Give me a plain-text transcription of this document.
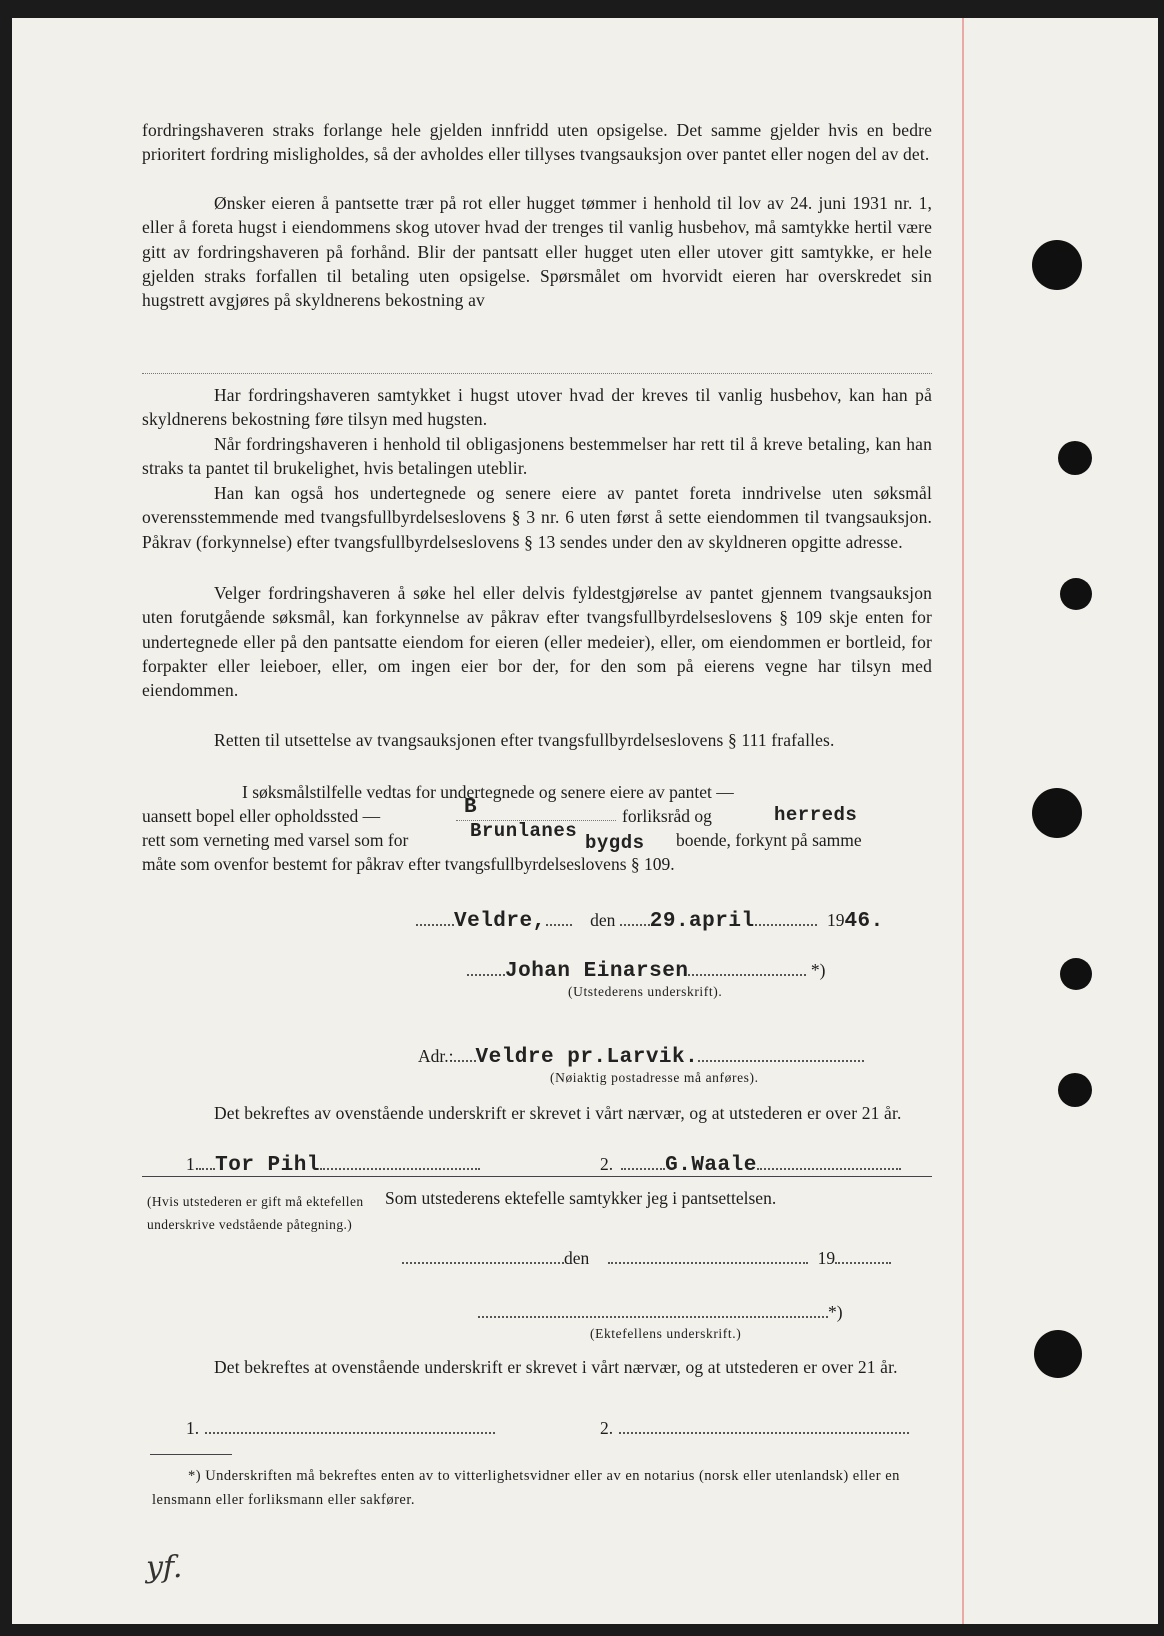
fordringshaveren straks forlange hele gjelden innfridd uten opsigelse. Det samme gjelder hvis en bedre prioritert fordring misligholdes, så der avholdes eller tillyses tvangsauksjon over pantet eller nogen del av det.

Ønsker eieren å pantsette trær på rot eller hugget tømmer i henhold til lov av 24. juni 1931 nr. 1, eller å foreta hugst i eiendommens skog utover hvad der trenges til vanlig husbehov, må samtykke hertil være gitt av fordringshaveren på forhånd. Blir der pantsatt eller hugget uten eller utover gitt samtykke, er hele gjelden straks forfallen til betaling uten opsigelse. Spørsmålet om hvorvidt eieren har overskredet sin hugstrett avgjøres på skyldnerens bekostning av

Har fordringshaveren samtykket i hugst utover hvad der kreves til vanlig husbehov, kan han på skyldnerens bekostning føre tilsyn med hugsten.

Når fordringshaveren i henhold til obligasjonens bestemmelser har rett til å kreve betaling, kan han straks ta pantet til brukelighet, hvis betalingen uteblir.

Han kan også hos undertegnede og senere eiere av pantet foreta inndrivelse uten søksmål overensstemmende med tvangsfullbyrdelseslovens § 3 nr. 6 uten først å sette eiendommen til tvangsauksjon. Påkrav (forkynnelse) efter tvangsfullbyrdelseslovens § 13 sendes under den av skyldneren opgitte adresse.

Velger fordringshaveren å søke hel eller delvis fyldestgjørelse av pantet gjennem tvangsauksjon uten forutgående søksmål, kan forkynnelse av påkrav efter tvangsfullbyrdelseslovens § 109 skje enten for undertegnede eller på den pantsatte eiendom for eieren (eller medeier), eller, om eiendommen er bortleid, for forpakter eller leieboer, eller, om ingen eier bor der, for den som på eierens vegne har tilsyn med eiendommen.

Retten til utsettelse av tvangsauksjonen efter tvangsfullbyrdelseslovens § 111 frafalles.

I søksmålstilfelle vedtas for undertegnede og senere eiere av pantet —
uansett bopel eller opholdssted —	forliksråd og
rett som verneting med varsel som for	boende, forkynt på samme
måte som ovenfor bestemt for påkrav efter tvangsfullbyrdelseslovens § 109.
B
Brunlanes
bygds
herreds
Veldre,	den 29.april	1946.
Johan Einarsen	*)
(Utstederens underskrift).
Adr.: Veldre pr.Larvik.
(Nøiaktig postadresse må anføres).

Det bekreftes av ovenstående underskrift er skrevet i vårt nærvær, og at utstederen er over 21 år.

1. Tor Pihl	2. G.Waale

(Hvis utstederen er gift må ektefellen underskrive vedstående påtegning.)

Som utstederens ektefelle samtykker jeg i pantsettelsen.
den	19
*)
(Ektefellens underskrift.)

Det bekreftes at ovenstående underskrift er skrevet i vårt nærvær, og at utstederen er over 21 år.

1.	2.

*) Underskriften må bekreftes enten av to vitterlighetsvidner eller av en notarius (norsk eller utenlandsk) eller en lensmann eller forliksmann eller sakfører.

yf.
